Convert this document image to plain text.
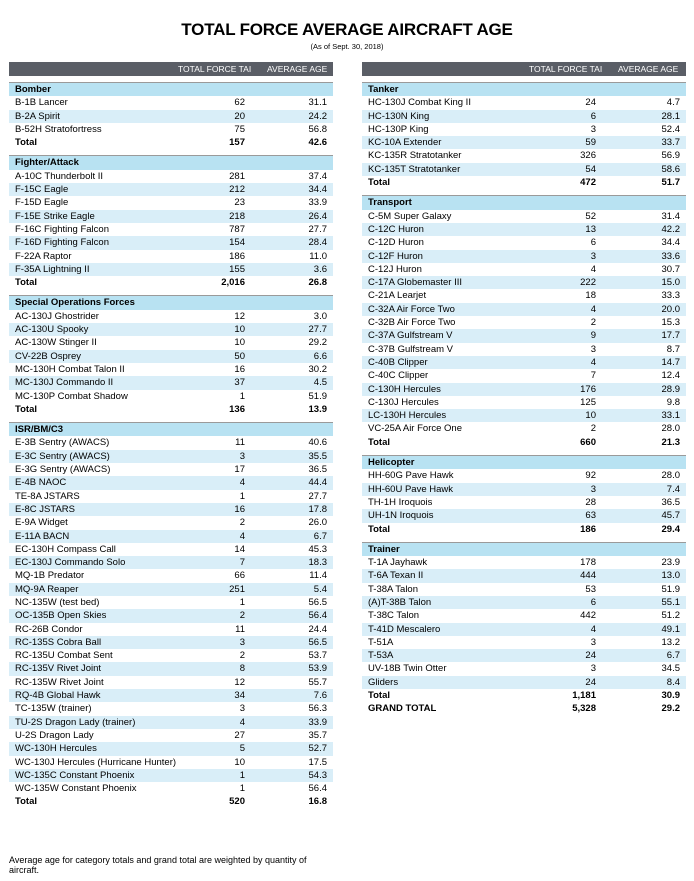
TOTAL FORCE AVERAGE AIRCRAFT AGE
(As of Sept. 30, 2018)
TOTAL FORCE TAI AVERAGE AGE
Bomber
B-1B Lancer	62	31.1
B-2A Spirit	20	24.2
B-52H Stratofortress	75	56.8
Total	157	42.6
Fighter/Attack
A-10C Thunderbolt II	281	37.4
F-15C Eagle	212	34.4
F-15D Eagle	23	33.9
F-15E Strike Eagle	218	26.4
F-16C Fighting Falcon	787	27.7
F-16D Fighting Falcon	154	28.4
F-22A Raptor	186	11.0
F-35A Lightning II	155	3.6
Total	2,016	26.8
Special Operations Forces
AC-130J Ghostrider	12	3.0
AC-130U Spooky	10	27.7
AC-130W Stinger II	10	29.2
CV-22B Osprey	50	6.6
MC-130H Combat Talon II	16	30.2
MC-130J Commando II	37	4.5
MC-130P Combat Shadow	1	51.9
Total	136	13.9
ISR/BM/C3
E-3B Sentry (AWACS)	11	40.6
E-3C Sentry (AWACS)	3	35.5
E-3G Sentry (AWACS)	17	36.5
E-4B NAOC	4	44.4
TE-8A JSTARS	1	27.7
E-8C JSTARS	16	17.8
E-9A Widget	2	26.0
E-11A BACN	4	6.7
EC-130H Compass Call	14	45.3
EC-130J Commando Solo	7	18.3
MQ-1B Predator	66	11.4
MQ-9A Reaper	251	5.4
NC-135W (test bed)	1	56.5
OC-135B Open Skies	2	56.4
RC-26B Condor	11	24.4
RC-135S Cobra Ball	3	56.5
RC-135U Combat Sent	2	53.7
RC-135V Rivet Joint	8	53.9
RC-135W Rivet Joint	12	55.7
RQ-4B Global Hawk	34	7.6
TC-135W (trainer)	3	56.3
TU-2S Dragon Lady (trainer)	4	33.9
U-2S Dragon Lady	27	35.7
WC-130H Hercules	5	52.7
WC-130J Hercules (Hurricane Hunter)	10	17.5
WC-135C Constant Phoenix	1	54.3
WC-135W Constant Phoenix	1	56.4
Total	520	16.8
TOTAL FORCE TAI AVERAGE AGE
Tanker
HC-130J Combat King II	24	4.7
HC-130N King	6	28.1
HC-130P King	3	52.4
KC-10A Extender	59	33.7
KC-135R Stratotanker	326	56.9
KC-135T Stratotanker	54	58.6
Total	472	51.7
Transport
C-5M Super Galaxy	52	31.4
C-12C Huron	13	42.2
C-12D Huron	6	34.4
C-12F Huron	3	33.6
C-12J Huron	4	30.7
C-17A Globemaster III	222	15.0
C-21A Learjet	18	33.3
C-32A Air Force Two	4	20.0
C-32B Air Force Two	2	15.3
C-37A Gulfstream V	9	17.7
C-37B Gulfstream V	3	8.7
C-40B Clipper	4	14.7
C-40C Clipper	7	12.4
C-130H Hercules	176	28.9
C-130J Hercules	125	9.8
LC-130H Hercules	10	33.1
VC-25A Air Force One	2	28.0
Total	660	21.3
Helicopter
HH-60G Pave Hawk	92	28.0
HH-60U Pave Hawk	3	7.4
TH-1H Iroquois	28	36.5
UH-1N Iroquois	63	45.7
Total	186	29.4
Trainer
T-1A Jayhawk	178	23.9
T-6A Texan II	444	13.0
T-38A Talon	53	51.9
(A)T-38B Talon	6	55.1
T-38C Talon	442	51.2
T-41D Mescalero	4	49.1
T-51A	3	13.2
T-53A	24	6.7
UV-18B Twin Otter	3	34.5
Gliders	24	8.4
Total	1,181	30.9
GRAND TOTAL	5,328	29.2
Average age for category totals and grand total are weighted by quantity of aircraft.
